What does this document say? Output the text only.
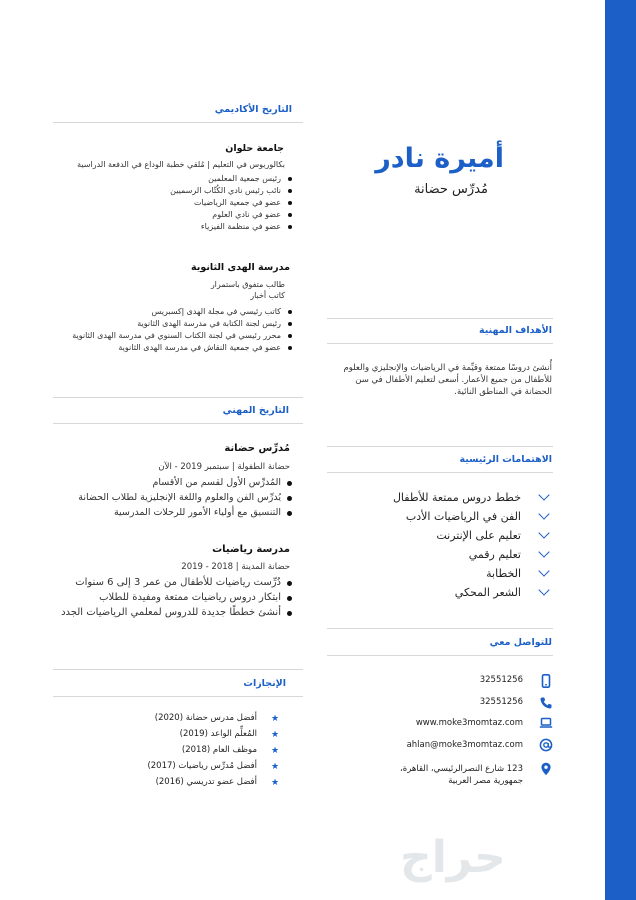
التاريخ الأكاديمي
جامعة حلوان
بكالوريوس في التعليم | مُلقي خطبة الوداع في الدفعة الدراسية
رئيس جمعية المعلمين
نائب رئيس نادي الكُتّاب الرسميين
عضو في جمعية الرياضيات
عضو في نادي العلوم
عضو في منظمة الفيزياء
مدرسة الهدى الثانوية
طالب متفوق باستمرار
كاتب أخبار
كاتب رئيسي في مجلة الهدى إكسبريس
رئيس لجنة الكتابة في مدرسة الهدى الثانوية
محرر رئيسي في لجنة الكتاب السنوي في مدرسة الهدى الثانوية
عضو في جمعية النقاش في مدرسة الهدى الثانوية
التاريخ المهني
مُدرِّس حضانة
حضانة الطفولة | سبتمبر 2019 - الآن
المُدرِّس الأول لقسم من الأقسام
يُدرِّس الفن والعلوم واللغة الإنجليزية لطلاب الحضانة
التنسيق مع أولياء الأمور للرحلات المدرسية
مدرسة رياضيات
حضانة المدينة | 2018 - 2019
دُرِّست رياضيات للأطفال من عمر 3 إلى 6 سنوات
ابتكار دروس رياضيات ممتعة ومفيدة للطلاب
أنشئ خططًا جديدة للدروس لمعلمي الرياضيات الجدد
الإنجازات
★
أفضل مدرس حضانة (2020)
★
المُعلِّم الواعد (2019)
★
موظف العام (2018)
★
أفضل مُدرِّس رياضيات (2017)
★
أفضل عضو تدريسي (2016)
أميرة نادر
مُدرِّس حضانة
الأهداف المهنية
أُنشئ دروسًا ممتعة وقيِّمة في الرياضيات والإنجليزي والعلوم للأطفال من جميع الأعمار. أسعى لتعليم الأطفال في سن الحضانة في المناطق النائية.
الاهتمامات الرئيسية
خطط دروس ممتعة للأطفال
الفن في الرياضيات الأدب
تعليم على الإنترنت
تعليم رقمي
الخطابة
الشعر المحكي
للتواصل معي
32551256
32551256
www.moke3momtaz.com
ahlan@moke3momtaz.com
123 شارع النصرالرئيسي، القاهرة، جمهورية مصر العربية
حراج
